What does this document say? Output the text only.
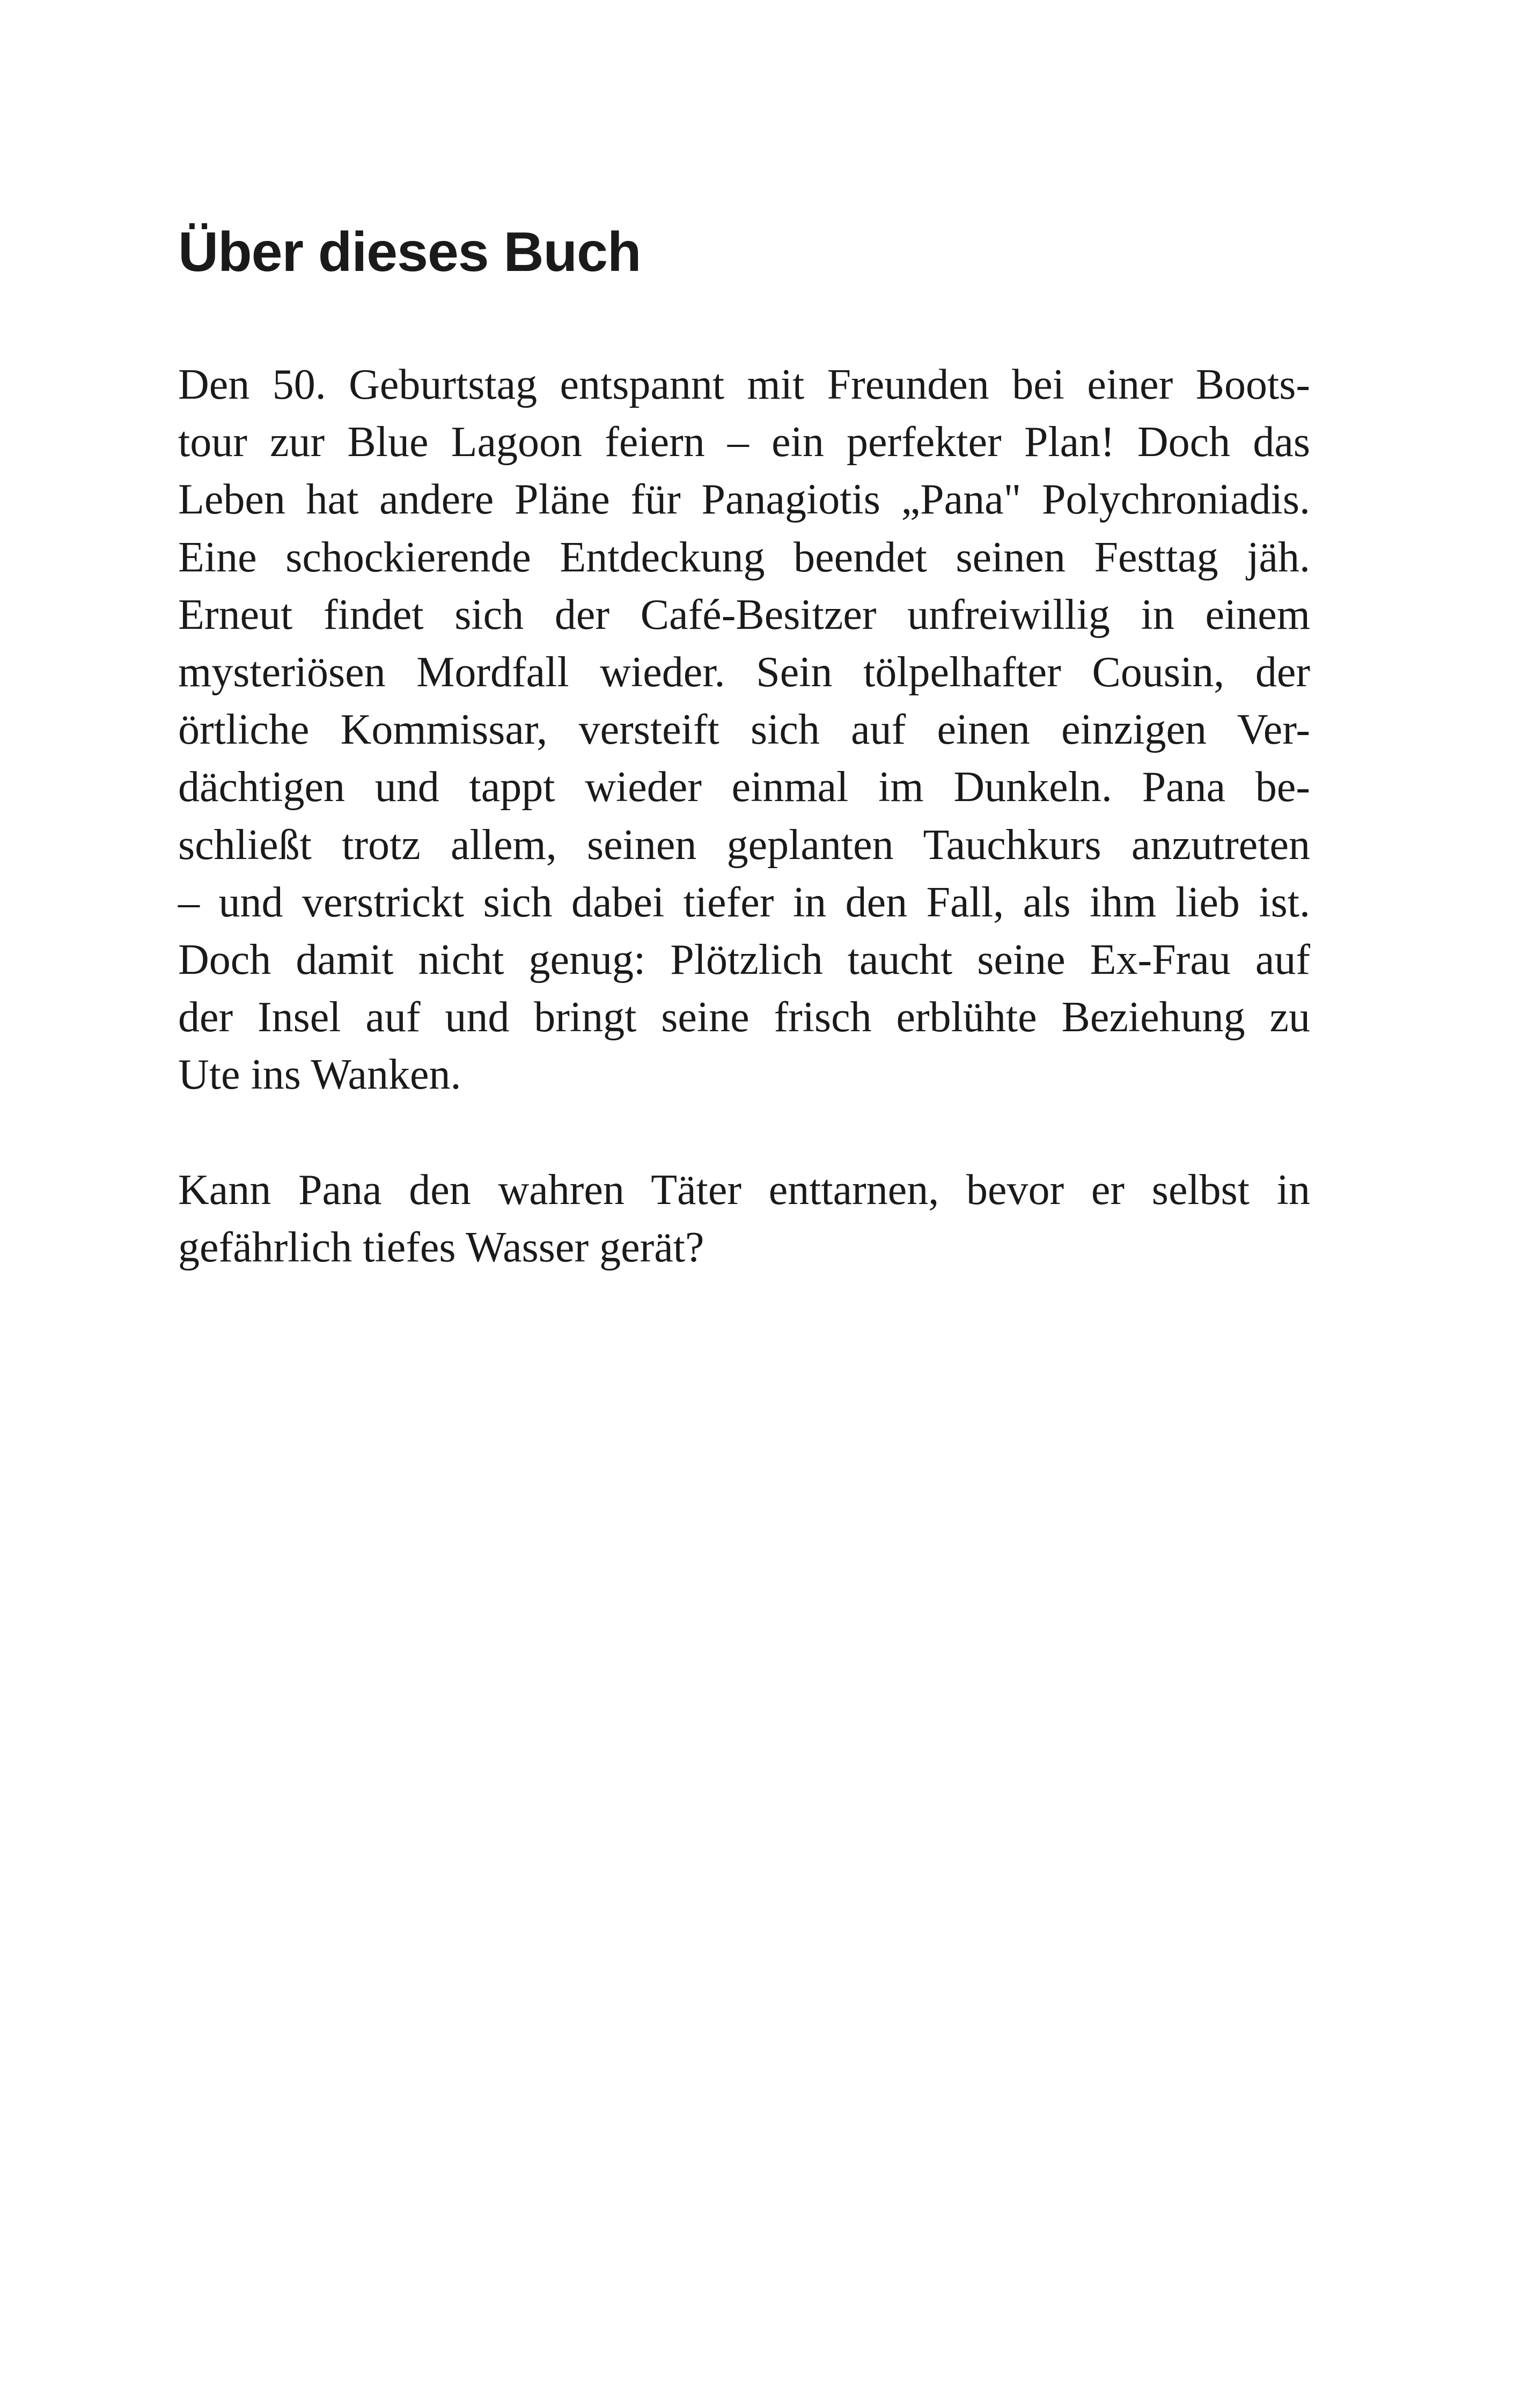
Über dieses Buch
Den 50. Geburtstag entspannt mit Freunden bei einer Boots-
tour zur Blue Lagoon feiern – ein perfekter Plan! Doch das
Leben hat andere Pläne für Panagiotis „Pana" Polychroniadis.
Eine schockierende Entdeckung beendet seinen Festtag jäh.
Erneut findet sich der Café-Besitzer unfreiwillig in einem
mysteriösen Mordfall wieder. Sein tölpelhafter Cousin, der
örtliche Kommissar, versteift sich auf einen einzigen Ver-
dächtigen und tappt wieder einmal im Dunkeln. Pana be-
schließt trotz allem, seinen geplanten Tauchkurs anzutreten
– und verstrickt sich dabei tiefer in den Fall, als ihm lieb ist.
Doch damit nicht genug: Plötzlich taucht seine Ex-Frau auf
der Insel auf und bringt seine frisch erblühte Beziehung zu
Ute ins Wanken.
Kann Pana den wahren Täter enttarnen, bevor er selbst in
gefährlich tiefes Wasser gerät?
